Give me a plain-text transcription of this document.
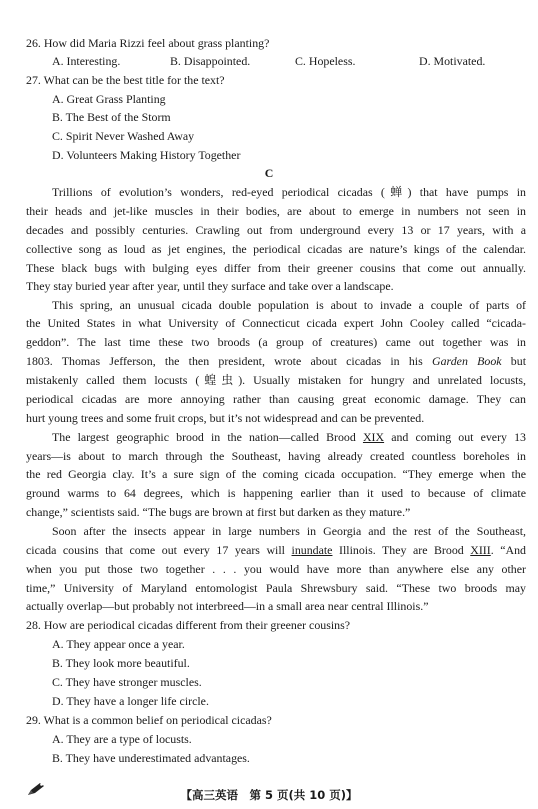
26. How did Maria Rizzi feel about grass planting?
A. Interesting.	B. Disappointed.	C. Hopeless.	D. Motivated.
27. What can be the best title for the text?
A. Great Grass Planting
B. The Best of the Storm
C. Spirit Never Washed Away
D. Volunteers Making History Together
C
Trillions of evolution’s wonders, red-eyed periodical cicadas (蝉) that have pumps in
their heads and jet-like muscles in their bodies, are about to emerge in numbers not seen in
decades and possibly centuries. Crawling out from underground every 13 or 17 years, with a
collective song as loud as jet engines, the periodical cicadas are nature’s kings of the calendar.
These black bugs with bulging eyes differ from their greener cousins that come out annually.
They stay buried year after year, until they surface and take over a landscape.
This spring, an unusual cicada double population is about to invade a couple of parts of
the United States in what University of Connecticut cicada expert John Cooley called “cicada-
geddon”. The last time these two broods (a group of creatures) came out together was in
1803. Thomas Jefferson, the then president, wrote about cicadas in his Garden Book but
mistakenly called them locusts (蝗虫). Usually mistaken for hungry and unrelated locusts,
periodical cicadas are more annoying rather than causing great economic damage. They can
hurt young trees and some fruit crops, but it’s not widespread and can be prevented.
The largest geographic brood in the nation—called Brood XIX and coming out every 13
years—is about to march through the Southeast, having already created countless boreholes in
the red Georgia clay. It’s a sure sign of the coming cicada occupation. “They emerge when the
ground warms to 64 degrees, which is happening earlier than it used to because of climate
change,” scientists said. “The bugs are brown at first but darken as they mature.”
Soon after the insects appear in large numbers in Georgia and the rest of the Southeast,
cicada cousins that come out every 17 years will inundate Illinois. They are Brood XIII. “And
when you put those two together . . . you would have more than anywhere else any other
time,” University of Maryland entomologist Paula Shrewsbury said. “These two broods may
actually overlap—but probably not interbreed—in a small area near central Illinois.”
28. How are periodical cicadas different from their greener cousins?
A. They appear once a year.
B. They look more beautiful.
C. They have stronger muscles.
D. They have a longer life circle.
29. What is a common belief on periodical cicadas?
A. They are a type of locusts.
B. They have underestimated advantages.
【高三英语　第 5 页(共 10 页)】
